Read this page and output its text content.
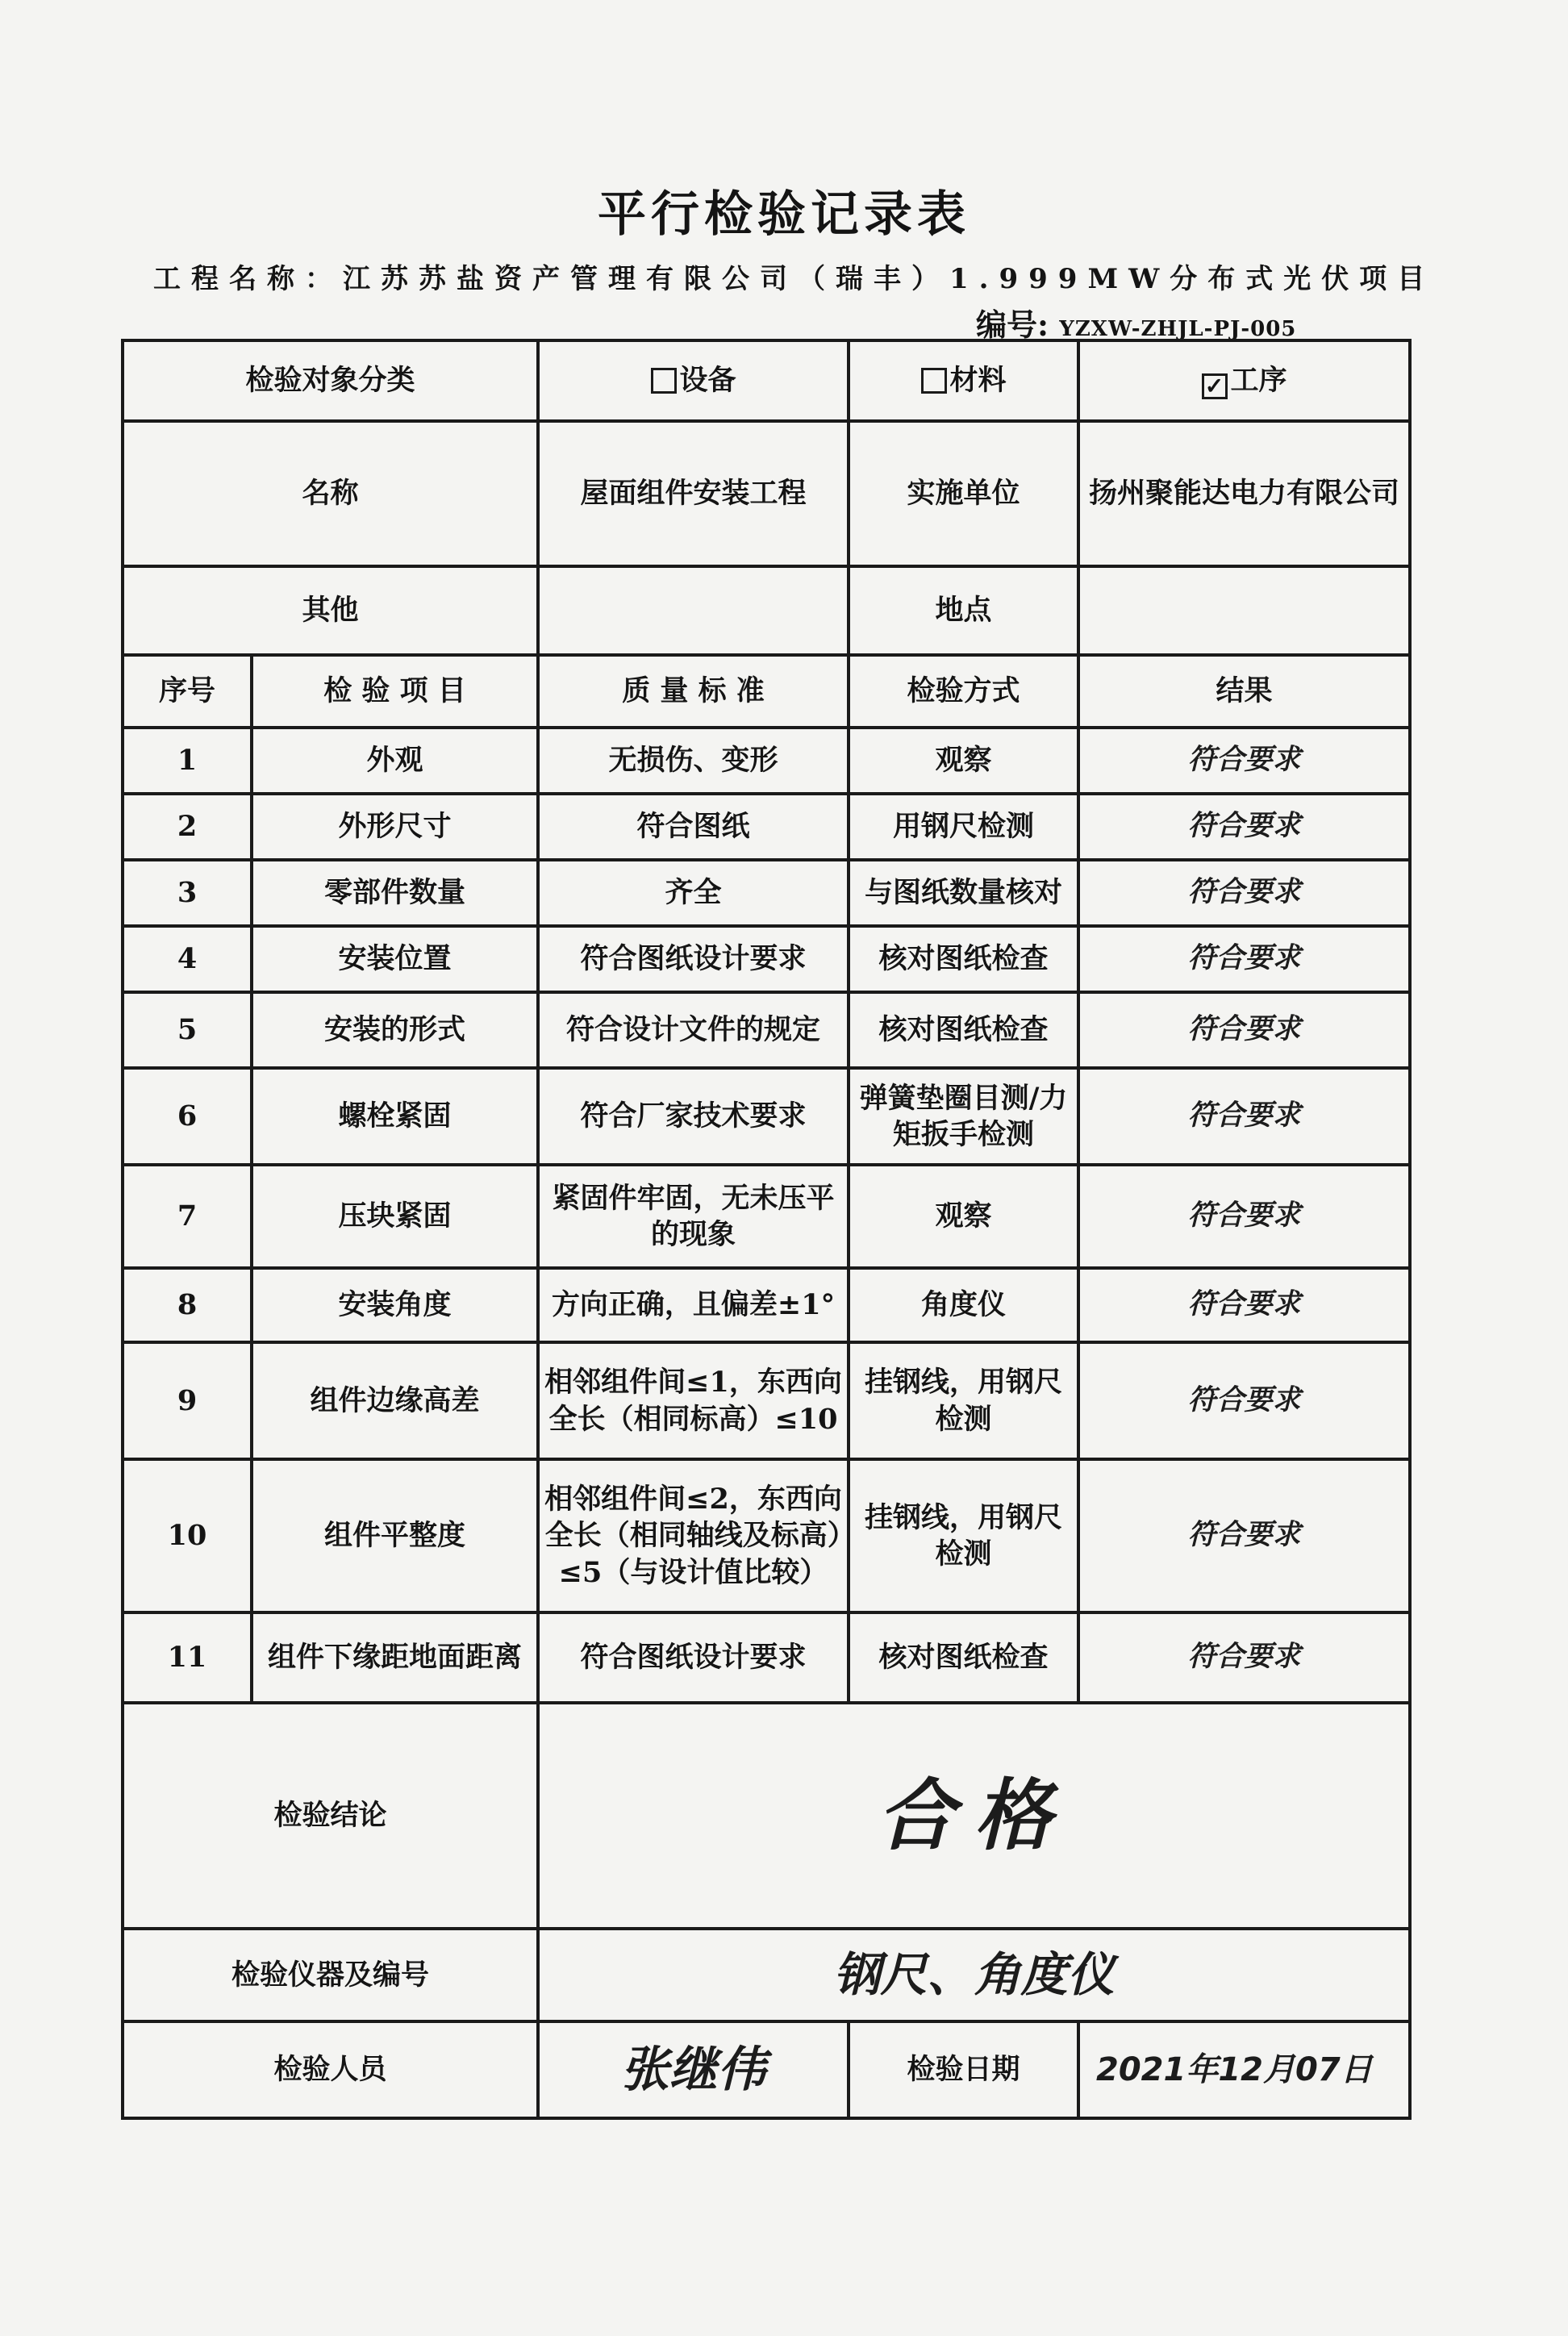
平行检验记录表
工程名称：江苏苏盐资产管理有限公司（瑞丰）1.999MW分布式光伏项目
编号: YZXW-ZHJL-PJ-005
检验对象分类		设备	材料	✓ 工序
名称		屋面组件安装工程	实施单位	扬州聚能达电力有限公司
其他			地点	
序号	检 验 项 目	质 量 标 准	检验方式	结果
1	外观	无损伤、变形	观察	符合要求
2	外形尺寸	符合图纸	用钢尺检测	符合要求
3	零部件数量	齐全	与图纸数量核对	符合要求
4	安装位置	符合图纸设计要求	核对图纸检查	符合要求
5	安装的形式	符合设计文件的规定	核对图纸检查	符合要求
6	螺栓紧固	符合厂家技术要求	弹簧垫圈目测/力矩扳手检测	符合要求
7	压块紧固	紧固件牢固，无未压平的现象	观察	符合要求
8	安装角度	方向正确，且偏差±1°	角度仪	符合要求
9	组件边缘高差	相邻组件间≤1，东西向全长（相同标高）≤10	挂钢线，用钢尺检测	符合要求
10	组件平整度	相邻组件间≤2，东西向全长（相同轴线及标高）≤5（与设计值比较）	挂钢线，用钢尺检测	符合要求
11	组件下缘距地面距离	符合图纸设计要求	核对图纸检查	符合要求
检验结论		合格		
检验仪器及编号		钢尺、角度仪		
检验人员		张继伟	检验日期	2021年12月07日
